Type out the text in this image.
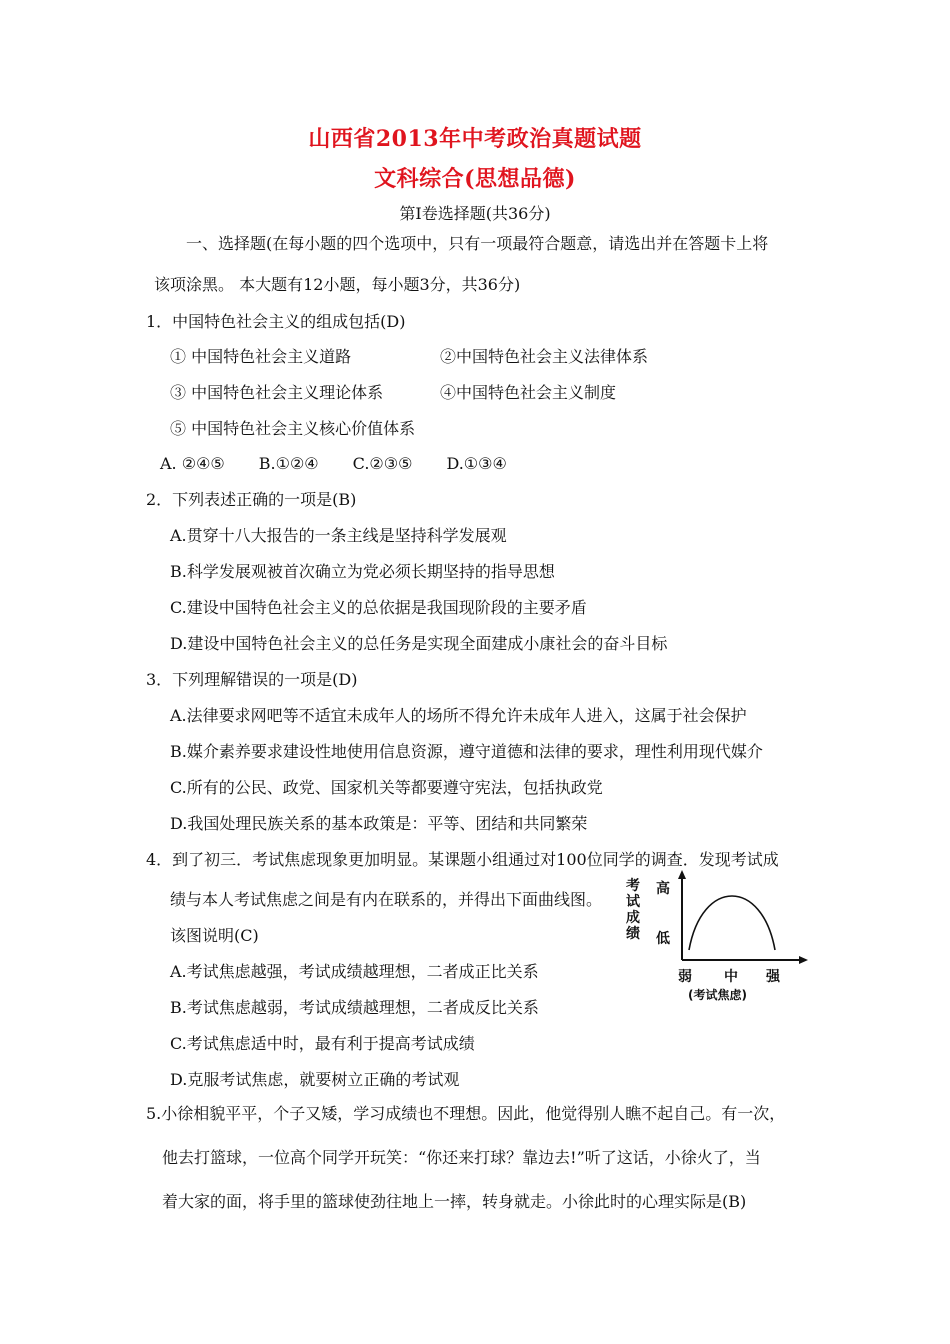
山西省2013年中考政治真题试题
文科综合(思想品德)
第Ⅰ卷选择题(共36分)
一、选择题(在每小题的四个选项中，只有一项最符合题意，请选出并在答题卡上将
该项涂黑。 本大题有12小题，每小题3分，共36分)
1．中国特色社会主义的组成包括(D)
① 中国特色社会主义道路	②中国特色社会主义法律体系
③ 中国特色社会主义理论体系	④中国特色社会主义制度
⑤ 中国特色社会主义核心价值体系
A. ②④⑤ B.①②④ C.②③⑤ D.①③④
2．下列表述正确的一项是(B)
A.贯穿十八大报告的一条主线是坚持科学发展观
B.科学发展观被首次确立为党必须长期坚持的指导思想
C.建设中国特色社会主义的总依据是我国现阶段的主要矛盾
D.建设中国特色社会主义的总任务是实现全面建成小康社会的奋斗目标
3．下列理解错误的一项是(D)
A.法律要求网吧等不适宜未成年人的场所不得允许未成年人进入，这属于社会保护
B.媒介素养要求建设性地使用信息资源，遵守道德和法律的要求，理性利用现代媒介
C.所有的公民、政党、国家机关等都要遵守宪法，包括执政党
D.我国处理民族关系的基本政策是：平等、团结和共同繁荣
4．到了初三．考试焦虑现象更加明显。某课题小组通过对100位同学的调查．发现考试成
绩与本人考试焦虑之间是有内在联系的，并得出下面曲线图。
该图说明(C)
A.考试焦虑越强，考试成绩越理想，二者成正比关系
B.考试焦虑越弱，考试成绩越理想，二者成反比关系
C.考试焦虑适中时，最有利于提高考试成绩
D.克服考试焦虑，就要树立正确的考试观
考
试
成
绩
高
低
弱 中 强
(考试焦虑)
5.小徐相貌平平，个子又矮，学习成绩也不理想。因此，他觉得别人瞧不起自己。有一次，
他去打篮球，一位高个同学开玩笑：“你还来打球？靠边去!”听了这话，小徐火了，当
着大家的面，将手里的篮球使劲往地上一摔，转身就走。小徐此时的心理实际是(B)
